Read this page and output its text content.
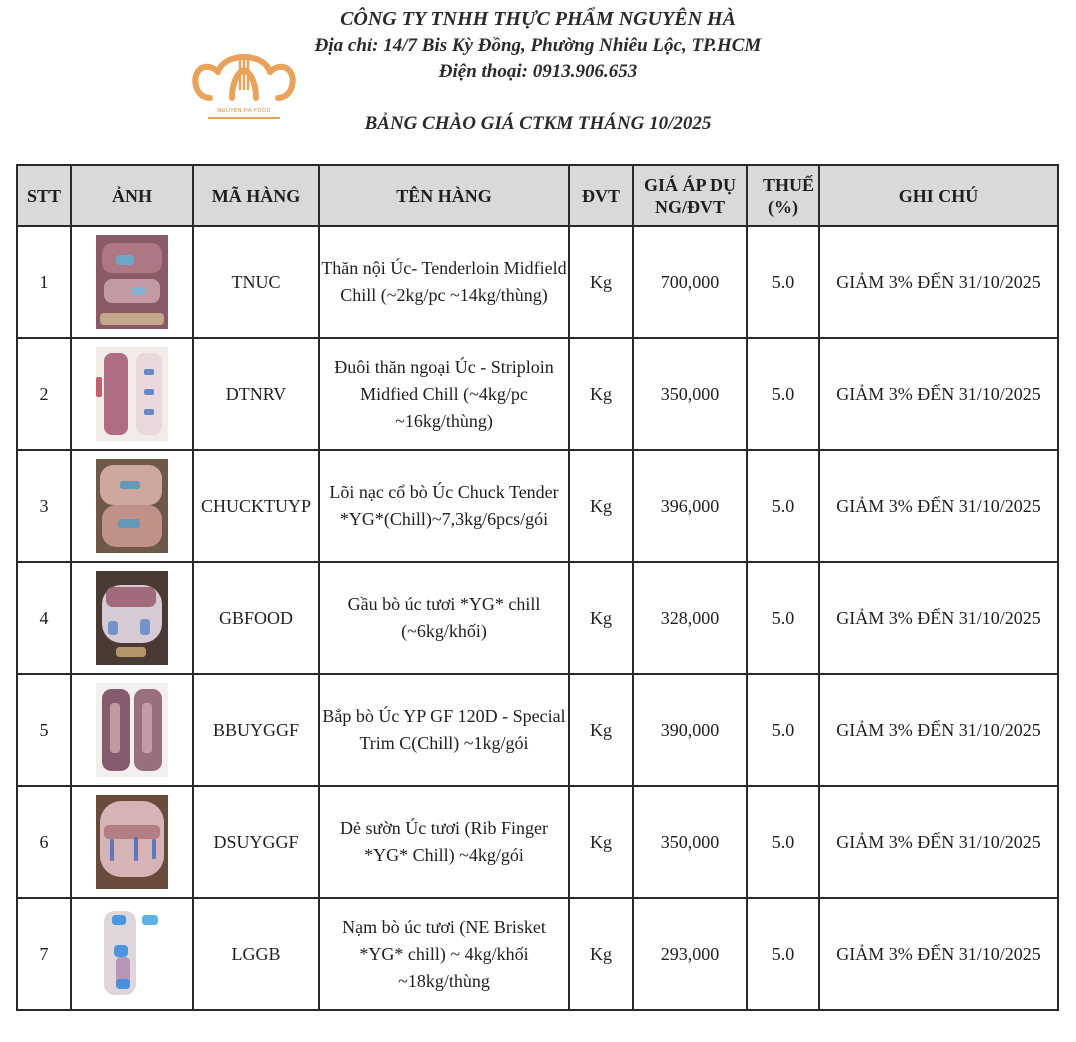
NGUYEN HA FOOD
CÔNG TY TNHH THỰC PHẨM NGUYÊN HÀ
Địa chỉ: 14/7 Bis Kỳ Đồng, Phường Nhiêu Lộc, TP.HCM
Điện thoại: 0913.906.653
BẢNG CHÀO GIÁ CTKM THÁNG 10/2025
STT	ẢNH	MÃ HÀNG	TÊN HÀNG	ĐVT	GIÁ ÁP DỤNG/ĐVT	THUẾ (%)	GHI CHÚ

1		TNUC	Thăn nội Úc- Tenderloin Midfield Chill (~2kg/pc ~14kg/thùng)	Kg	700,000	5.0	GIẢM 3% ĐẾN 31/10/2025
2		DTNRV	Đuôi thăn ngoại Úc - Striploin Midfied Chill (~4kg/pc ~16kg/thùng)	Kg	350,000	5.0	GIẢM 3% ĐẾN 31/10/2025
3		CHUCKTUYP	Lõi nạc cổ bò Úc Chuck Tender *YG*(Chill)~7,3kg/6pcs/gói	Kg	396,000	5.0	GIẢM 3% ĐẾN 31/10/2025
4		GBFOOD	Gầu bò úc tươi *YG* chill (~6kg/khối)	Kg	328,000	5.0	GIẢM 3% ĐẾN 31/10/2025
5		BBUYGGF	Bắp bò Úc YP GF 120D - Special Trim C(Chill) ~1kg/gói	Kg	390,000	5.0	GIẢM 3% ĐẾN 31/10/2025
6		DSUYGGF	Dẻ sườn Úc tươi (Rib Finger *YG* Chill) ~4kg/gói	Kg	350,000	5.0	GIẢM 3% ĐẾN 31/10/2025
7		LGGB	Nạm bò úc tươi (NE Brisket *YG* chill) ~ 4kg/khối ~18kg/thùng	Kg	293,000	5.0	GIẢM 3% ĐẾN 31/10/2025
